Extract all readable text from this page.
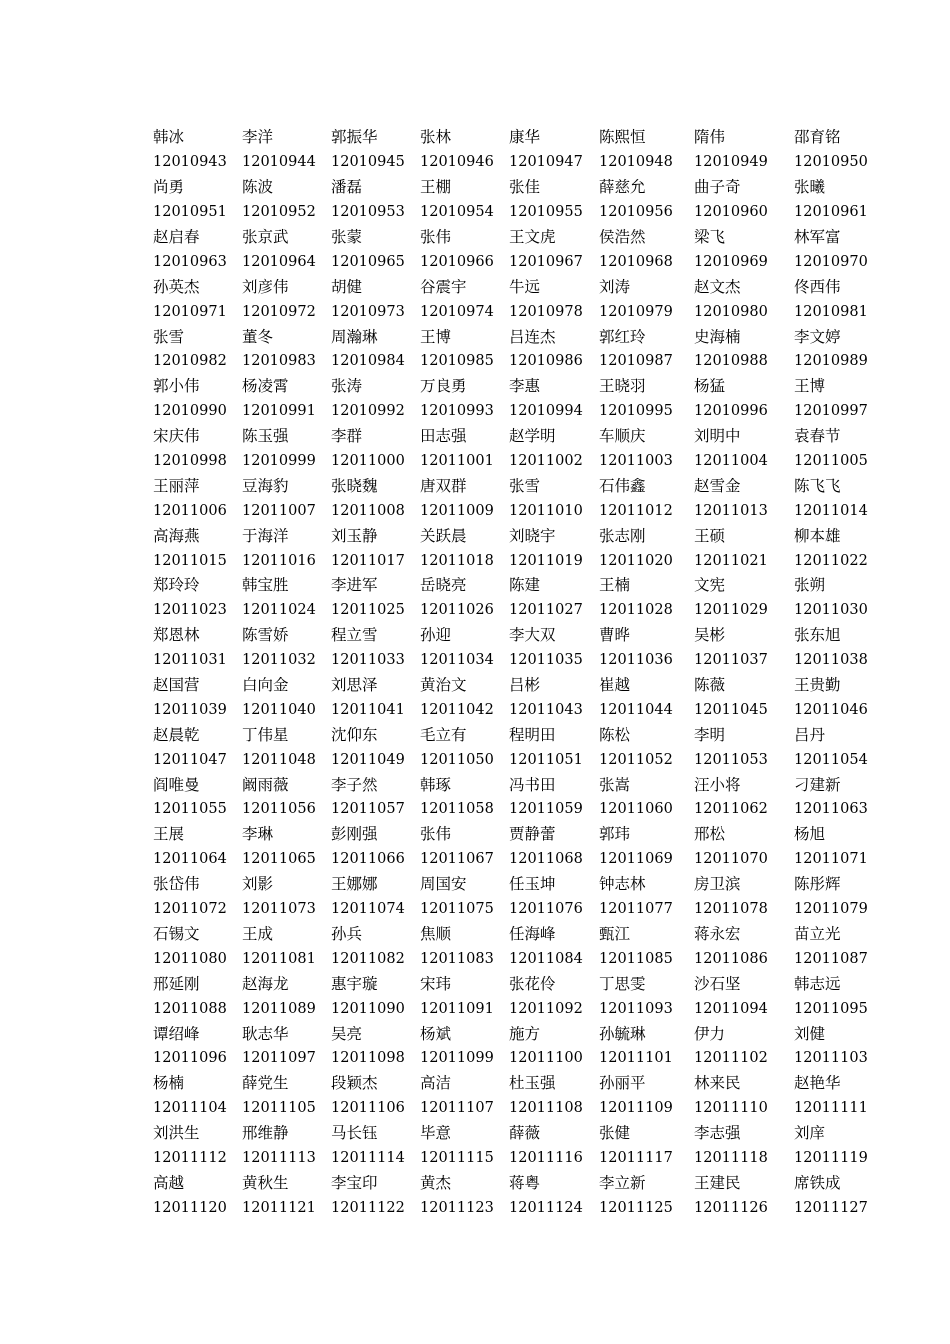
韩冰	李洋	郭振华	张林	康华	陈熙恒	隋伟	邵育铭
12010943	12010944	12010945	12010946	12010947	12010948	12010949	12010950
尚勇	陈波	潘磊	王棚	张佳	薛慈允	曲子奇	张曦
12010951	12010952	12010953	12010954	12010955	12010956	12010960	12010961
赵启春	张京武	张蒙	张伟	王文虎	侯浩然	梁飞	林军富
12010963	12010964	12010965	12010966	12010967	12010968	12010969	12010970
孙英杰	刘彦伟	胡健	谷震宇	牛远	刘涛	赵文杰	佟西伟
12010971	12010972	12010973	12010974	12010978	12010979	12010980	12010981
张雪	董冬	周瀚琳	王博	吕连杰	郭红玲	史海楠	李文婷
12010982	12010983	12010984	12010985	12010986	12010987	12010988	12010989
郭小伟	杨凌霄	张涛	万良勇	李惠	王晓羽	杨猛	王博
12010990	12010991	12010992	12010993	12010994	12010995	12010996	12010997
宋庆伟	陈玉强	李群	田志强	赵学明	车顺庆	刘明中	袁春节
12010998	12010999	12011000	12011001	12011002	12011003	12011004	12011005
王丽萍	豆海豹	张晓魏	唐双群	张雪	石伟鑫	赵雪金	陈飞飞
12011006	12011007	12011008	12011009	12011010	12011012	12011013	12011014
高海燕	于海洋	刘玉静	关跃晨	刘晓宇	张志刚	王硕	柳本雄
12011015	12011016	12011017	12011018	12011019	12011020	12011021	12011022
郑玲玲	韩宝胜	李进军	岳晓亮	陈建	王楠	文宪	张朔
12011023	12011024	12011025	12011026	12011027	12011028	12011029	12011030
郑恩林	陈雪娇	程立雪	孙迎	李大双	曹晔	吴彬	张东旭
12011031	12011032	12011033	12011034	12011035	12011036	12011037	12011038
赵国营	白向金	刘思泽	黄治文	吕彬	崔越	陈薇	王贵勤
12011039	12011040	12011041	12011042	12011043	12011044	12011045	12011046
赵晨乾	丁伟星	沈仰东	毛立有	程明田	陈松	李明	吕丹
12011047	12011048	12011049	12011050	12011051	12011052	12011053	12011054
阎唯曼	阚雨薇	李子然	韩琢	冯书田	张嵩	汪小将	刁建新
12011055	12011056	12011057	12011058	12011059	12011060	12011062	12011063
王展	李琳	彭刚强	张伟	贾静蕾	郭玮	邢松	杨旭
12011064	12011065	12011066	12011067	12011068	12011069	12011070	12011071
张岱伟	刘影	王娜娜	周国安	任玉坤	钟志林	房卫滨	陈彤辉
12011072	12011073	12011074	12011075	12011076	12011077	12011078	12011079
石锡文	王成	孙兵	焦顺	任海峰	甄江	蒋永宏	苗立光
12011080	12011081	12011082	12011083	12011084	12011085	12011086	12011087
邢延刚	赵海龙	惠宇璇	宋玮	张花伶	丁思雯	沙石坚	韩志远
12011088	12011089	12011090	12011091	12011092	12011093	12011094	12011095
谭绍峰	耿志华	吴亮	杨斌	施方	孙毓琳	伊力	刘健
12011096	12011097	12011098	12011099	12011100	12011101	12011102	12011103
杨楠	薛党生	段颖杰	高洁	杜玉强	孙丽平	林来民	赵艳华
12011104	12011105	12011106	12011107	12011108	12011109	12011110	12011111
刘洪生	邢维静	马长钰	毕意	薛薇	张健	李志强	刘庠
12011112	12011113	12011114	12011115	12011116	12011117	12011118	12011119
高越	黄秋生	李宝印	黄杰	蒋粤	李立新	王建民	席铁成
12011120	12011121	12011122	12011123	12011124	12011125	12011126	12011127
